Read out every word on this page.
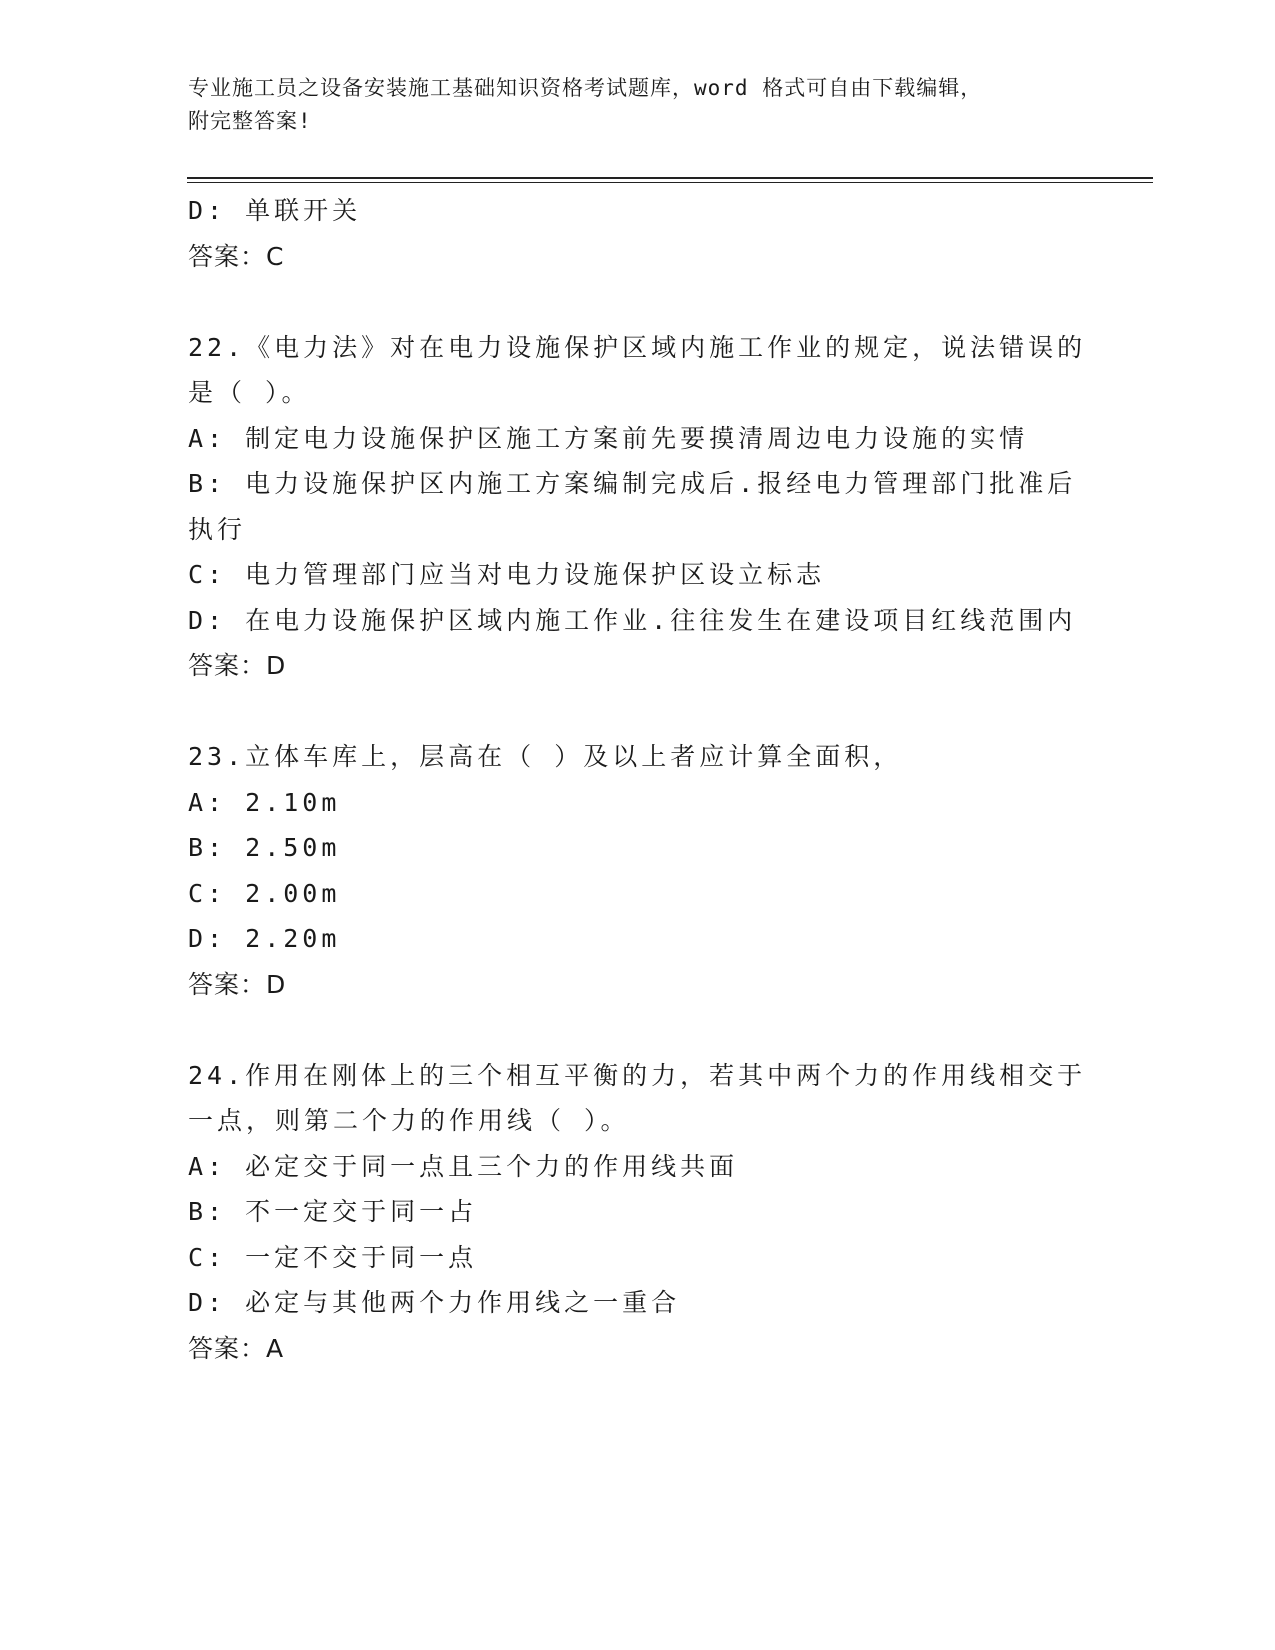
专业施工员之设备安装施工基础知识资格考试题库，word 格式可自由下载编辑，
附完整答案!
D: 单联开关
答案：C
22.《电力法》对在电力设施保护区域内施工作业的规定，说法错误的
是（ ）。
A: 制定电力设施保护区施工方案前先要摸清周边电力设施的实情
B: 电力设施保护区内施工方案编制完成后.报经电力管理部门批准后
执行
C: 电力管理部门应当对电力设施保护区设立标志
D: 在电力设施保护区域内施工作业.往往发生在建设项目红线范围内
答案：D
23.立体车库上，层高在（ ）及以上者应计算全面积，
A: 2.10m
B: 2.50m
C: 2.00m
D: 2.20m
答案：D
24.作用在刚体上的三个相互平衡的力，若其中两个力的作用线相交于
一点，则第二个力的作用线（ ）。
A: 必定交于同一点且三个力的作用线共面
B: 不一定交于同一占
C: 一定不交于同一点
D: 必定与其他两个力作用线之一重合
答案：A
